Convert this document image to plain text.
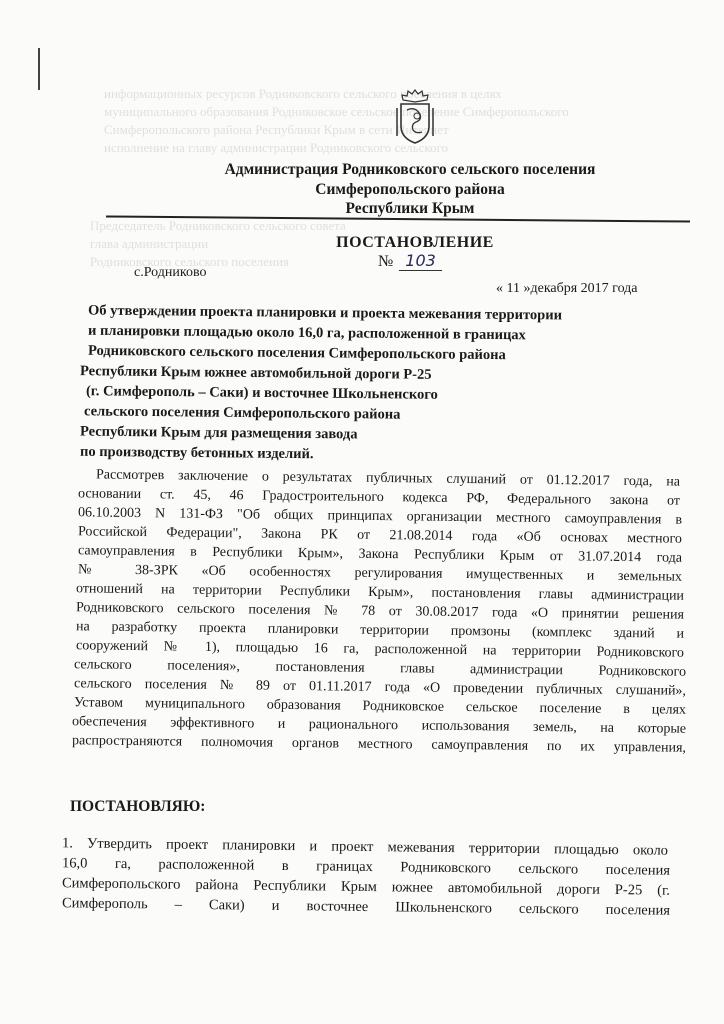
информационных ресурсов Родниковского сельского поселения в целях
муниципального образования Родниковское сельское поселение Симферопольского
Симферопольского района Республики Крым в сети Интернет
исполнение на главу администрации Родниковского сельского
Председатель Родниковского сельского совета
глава администрации
Родниковского сельского поселения
Администрация Родниковского сельского поселения
Симферопольского района
Республики Крым
ПОСТАНОВЛЕНИЕ
№ 103
с.Родниково
« 11 »декабря 2017 года
Об утверждении проекта планировки и проекта межевания территории
и планировки площадью около 16,0 га, расположенной в границах
Родниковского сельского поселения Симферопольского района
Республики Крым южнее автомобильной дороги Р-25
(г. Симферополь – Саки) и восточнее Школьненского
сельского поселения Симферопольского района
Республики Крым для размещения завода
по производству бетонных изделий.
Рассмотрев заключение о результатах публичных слушаний от 01.12.2017 года, на
основании ст. 45, 46 Градостроительного кодекса РФ, Федерального закона от
06.10.2003 N 131-ФЗ "Об общих принципах организации местного самоуправления в
Российской Федерации", Закона РК от 21.08.2014 года «Об основах местного
самоуправления в Республики Крым», Закона Республики Крым от 31.07.2014 года
№ 38-ЗРК «Об особенностях регулирования имущественных и земельных
отношений на территории Республики Крым», постановления главы администрации
Родниковского сельского поселения № 78 от 30.08.2017 года «О принятии решения
на разработку проекта планировки территории промзоны (комплекс зданий и
сооружений № 1), площадью 16 га, расположенной на территории Родниковского
сельского поселения», постановления главы администрации Родниковского
сельского поселения № 89 от 01.11.2017 года «О проведении публичных слушаний»,
Уставом муниципального образования Родниковское сельское поселение в целях
обеспечения эффективного и рационального использования земель, на которые
распространяются полномочия органов местного самоуправления по их управления,
ПОСТАНОВЛЯЮ:
1. Утвердить проект планировки и проект межевания территории площадью около
16,0 га, расположенной в границах Родниковского сельского поселения
Симферопольского района Республики Крым южнее автомобильной дороги Р-25 (г.
Симферополь – Саки) и восточнее Школьненского сельского поселения
